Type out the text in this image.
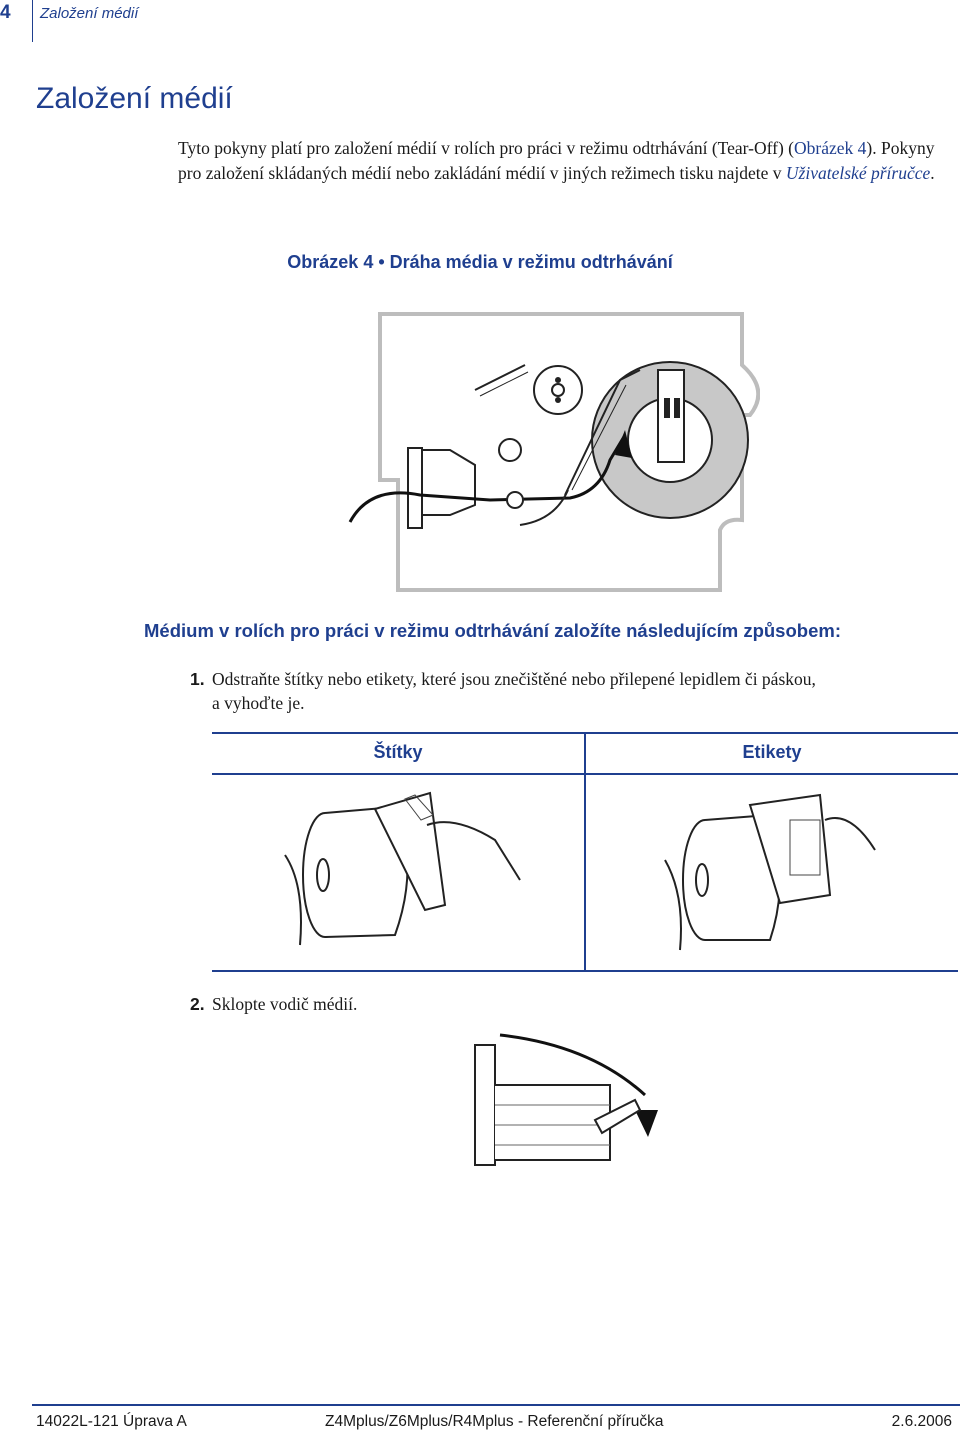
4 Založení médií
Založení médií
Tyto pokyny platí pro založení médií v rolích pro práci v režimu odtrhávání (Tear-Off) (Obrázek 4). Pokyny pro založení skládaných médií nebo zakládání médií v jiných režimech tisku najdete v Uživatelské příručce.
Obrázek 4 • Dráha média v režimu odtrhávání
Médium v rolích pro práci v režimu odtrhávání založíte následujícím způsobem:
1. Odstraňte štítky nebo etikety, které jsou znečištěné nebo přilepené lepidlem či páskou,
a vyhoďte je.
Štítky	Etikety
2. Sklopte vodič médií.
14022L-121 Úprava A	Z4Mplus/Z6Mplus/R4Mplus - Referenční příručka	2.6.2006
